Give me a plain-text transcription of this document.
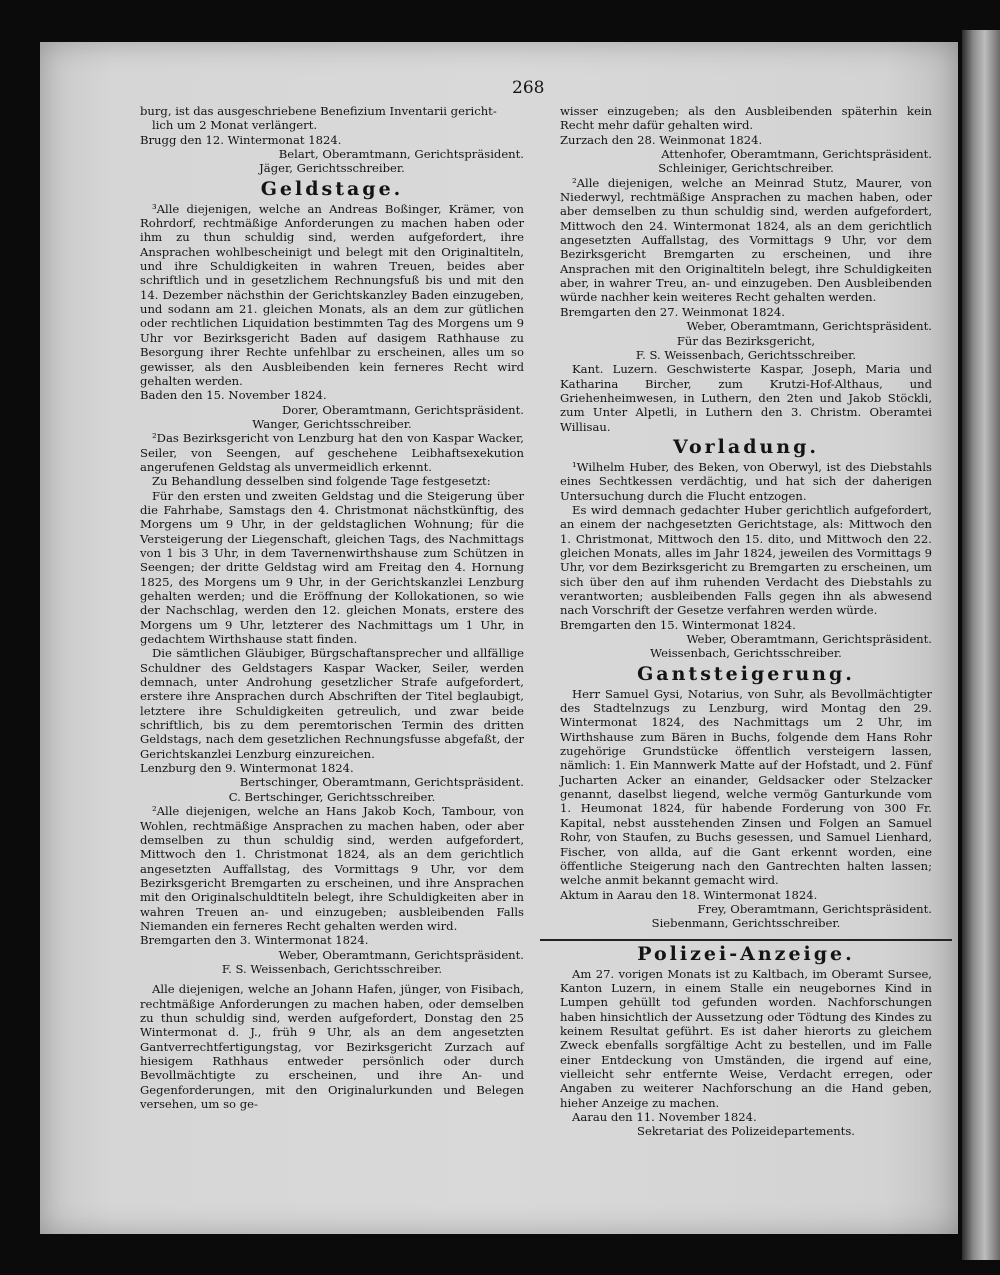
268

burg, ist das ausgeschriebene Benefizium Inventarii gericht-

lich um 2 Monat verlängert.

Brugg den 12. Wintermonat 1824.

Belart, Oberamtmann, Gerichtspräsident.

Jäger, Gerichtsschreiber.

Geldstage.

³Alle diejenigen, welche an Andreas Boßinger, Krämer, von Rohrdorf, rechtmäßige Anforderungen zu machen haben oder ihm zu thun schuldig sind, werden aufgefordert, ihre Ansprachen wohlbescheinigt und belegt mit den Originaltiteln, und ihre Schuldigkeiten in wahren Treuen, beides aber schriftlich und in gesetzlichem Rechnungsfuß bis und mit den 14. Dezember nächsthin der Gerichtskanzley Baden einzugeben, und sodann am 21. gleichen Monats, als an dem zur gütlichen oder rechtlichen Liquidation bestimmten Tag des Morgens um 9 Uhr vor Bezirksgericht Baden auf dasigem Rathhause zu Besorgung ihrer Rechte unfehlbar zu erscheinen, alles um so gewisser, als den Ausbleibenden kein ferneres Recht wird gehalten werden.

Baden den 15. November 1824.

Dorer, Oberamtmann, Gerichtspräsident.

Wanger, Gerichtsschreiber.

²Das Bezirksgericht von Lenzburg hat den von Kaspar Wacker, Seiler, von Seengen, auf geschehene Leibhaftsexekution angerufenen Geldstag als unvermeidlich erkennt.

Zu Behandlung desselben sind folgende Tage festgesetzt:

Für den ersten und zweiten Geldstag und die Steigerung über die Fahrhabe, Samstags den 4. Christmonat nächstkünftig, des Morgens um 9 Uhr, in der geldstaglichen Wohnung; für die Versteigerung der Liegenschaft, gleichen Tags, des Nachmittags von 1 bis 3 Uhr, in dem Tavernenwirthshause zum Schützen in Seengen; der dritte Geldstag wird am Freitag den 4. Hornung 1825, des Morgens um 9 Uhr, in der Gerichtskanzlei Lenzburg gehalten werden; und die Eröffnung der Kollokationen, so wie der Nachschlag, werden den 12. gleichen Monats, erstere des Morgens um 9 Uhr, letzterer des Nachmittags um 1 Uhr, in gedachtem Wirthshause statt finden.

Die sämtlichen Gläubiger, Bürgschaftansprecher und allfällige Schuldner des Geldstagers Kaspar Wacker, Seiler, werden demnach, unter Androhung gesetzlicher Strafe aufgefordert, erstere ihre Ansprachen durch Abschriften der Titel beglaubigt, letztere ihre Schuldigkeiten getreulich, und zwar beide schriftlich, bis zu dem peremtorischen Termin des dritten Geldstags, nach dem gesetzlichen Rechnungsfusse abgefaßt, der Gerichtskanzlei Lenzburg einzureichen.

Lenzburg den 9. Wintermonat 1824.

Bertschinger, Oberamtmann, Gerichtspräsident.

C. Bertschinger, Gerichtsschreiber.

²Alle diejenigen, welche an Hans Jakob Koch, Tambour, von Wohlen, rechtmäßige Ansprachen zu machen haben, oder aber demselben zu thun schuldig sind, werden aufgefordert, Mittwoch den 1. Christmonat 1824, als an dem gerichtlich angesetzten Auffallstag, des Vormittags 9 Uhr, vor dem Bezirksgericht Bremgarten zu erscheinen, und ihre Ansprachen mit den Originalschuldtiteln belegt, ihre Schuldigkeiten aber in wahren Treuen an- und einzugeben; ausbleibenden Falls Niemanden ein ferneres Recht gehalten werden wird.

Bremgarten den 3. Wintermonat 1824.

Weber, Oberamtmann, Gerichtspräsident.

F. S. Weissenbach, Gerichtsschreiber.

Alle diejenigen, welche an Johann Hafen, jünger, von Fisibach, rechtmäßige Anforderungen zu machen haben, oder demselben zu thun schuldig sind, werden aufgefordert, Donstag den 25 Wintermonat d. J., früh 9 Uhr, als an dem angesetzten Gantverrechtfertigungstag, vor Bezirksgericht Zurzach auf hiesigem Rathhaus entweder persönlich oder durch Bevollmächtigte zu erscheinen, und ihre An- und Gegenforderungen, mit den Originalurkunden und Belegen versehen, um so ge-

wisser einzugeben; als den Ausbleibenden späterhin kein Recht mehr dafür gehalten wird.

Zurzach den 28. Weinmonat 1824.

Attenhofer, Oberamtmann, Gerichtspräsident.

Schleiniger, Gerichtschreiber.

²Alle diejenigen, welche an Meinrad Stutz, Maurer, von Niederwyl, rechtmäßige Ansprachen zu machen haben, oder aber demselben zu thun schuldig sind, werden aufgefordert, Mittwoch den 24. Wintermonat 1824, als an dem gerichtlich angesetzten Auffallstag, des Vormittags 9 Uhr, vor dem Bezirksgericht Bremgarten zu erscheinen, und ihre Ansprachen mit den Originaltiteln belegt, ihre Schuldigkeiten aber, in wahrer Treu, an- und einzugeben. Den Ausbleibenden würde nachher kein weiteres Recht gehalten werden.

Bremgarten den 27. Weinmonat 1824.

Weber, Oberamtmann, Gerichtspräsident.

Für das Bezirksgericht,

F. S. Weissenbach, Gerichtsschreiber.

Kant. Luzern. Geschwisterte Kaspar, Joseph, Maria und Katharina Bircher, zum Krutzi-Hof-Althaus, und Griehenheimwesen, in Luthern, den 2ten und Jakob Stöckli, zum Unter Alpetli, in Luthern den 3. Christm. Oberamtei Willisau.

Vorladung.

¹Wilhelm Huber, des Beken, von Oberwyl, ist des Diebstahls eines Sechtkessen verdächtig, und hat sich der daherigen Untersuchung durch die Flucht entzogen.

Es wird demnach gedachter Huber gerichtlich aufgefordert, an einem der nachgesetzten Gerichtstage, als: Mittwoch den 1. Christmonat, Mittwoch den 15. dito, und Mittwoch den 22. gleichen Monats, alles im Jahr 1824, jeweilen des Vormittags 9 Uhr, vor dem Bezirksgericht zu Bremgarten zu erscheinen, um sich über den auf ihm ruhenden Verdacht des Diebstahls zu verantworten; ausbleibenden Falls gegen ihn als abwesend nach Vorschrift der Gesetze verfahren werden würde.

Bremgarten den 15. Wintermonat 1824.

Weber, Oberamtmann, Gerichtspräsident.

Weissenbach, Gerichtsschreiber.

Gantsteigerung.

Herr Samuel Gysi, Notarius, von Suhr, als Bevollmächtigter des Stadtelnzugs zu Lenzburg, wird Montag den 29. Wintermonat 1824, des Nachmittags um 2 Uhr, im Wirthshause zum Bären in Buchs, folgende dem Hans Rohr zugehörige Grundstücke öffentlich versteigern lassen, nämlich: 1. Ein Mannwerk Matte auf der Hofstadt, und 2. Fünf Jucharten Acker an einander, Geldsacker oder Stelzacker genannt, daselbst liegend, welche vermög Ganturkunde vom 1. Heumonat 1824, für habende Forderung von 300 Fr. Kapital, nebst ausstehenden Zinsen und Folgen an Samuel Rohr, von Staufen, zu Buchs gesessen, und Samuel Lienhard, Fischer, von allda, auf die Gant erkennt worden, eine öffentliche Steigerung nach den Gantrechten halten lassen; welche anmit bekannt gemacht wird.

Aktum in Aarau den 18. Wintermonat 1824.

Frey, Oberamtmann, Gerichtspräsident.

Siebenmann, Gerichtsschreiber.

Polizei-Anzeige.

Am 27. vorigen Monats ist zu Kaltbach, im Oberamt Sursee, Kanton Luzern, in einem Stalle ein neugebornes Kind in Lumpen gehüllt tod gefunden worden. Nachforschungen haben hinsichtlich der Aussetzung oder Tödtung des Kindes zu keinem Resultat geführt. Es ist daher hierorts zu gleichem Zweck ebenfalls sorgfältige Acht zu bestellen, und im Falle einer Entdeckung von Umständen, die irgend auf eine, vielleicht sehr entfernte Weise, Verdacht erregen, oder Angaben zu weiterer Nachforschung an die Hand geben, hieher Anzeige zu machen.

Aarau den 11. November 1824.

Sekretariat des Polizeidepartements.
